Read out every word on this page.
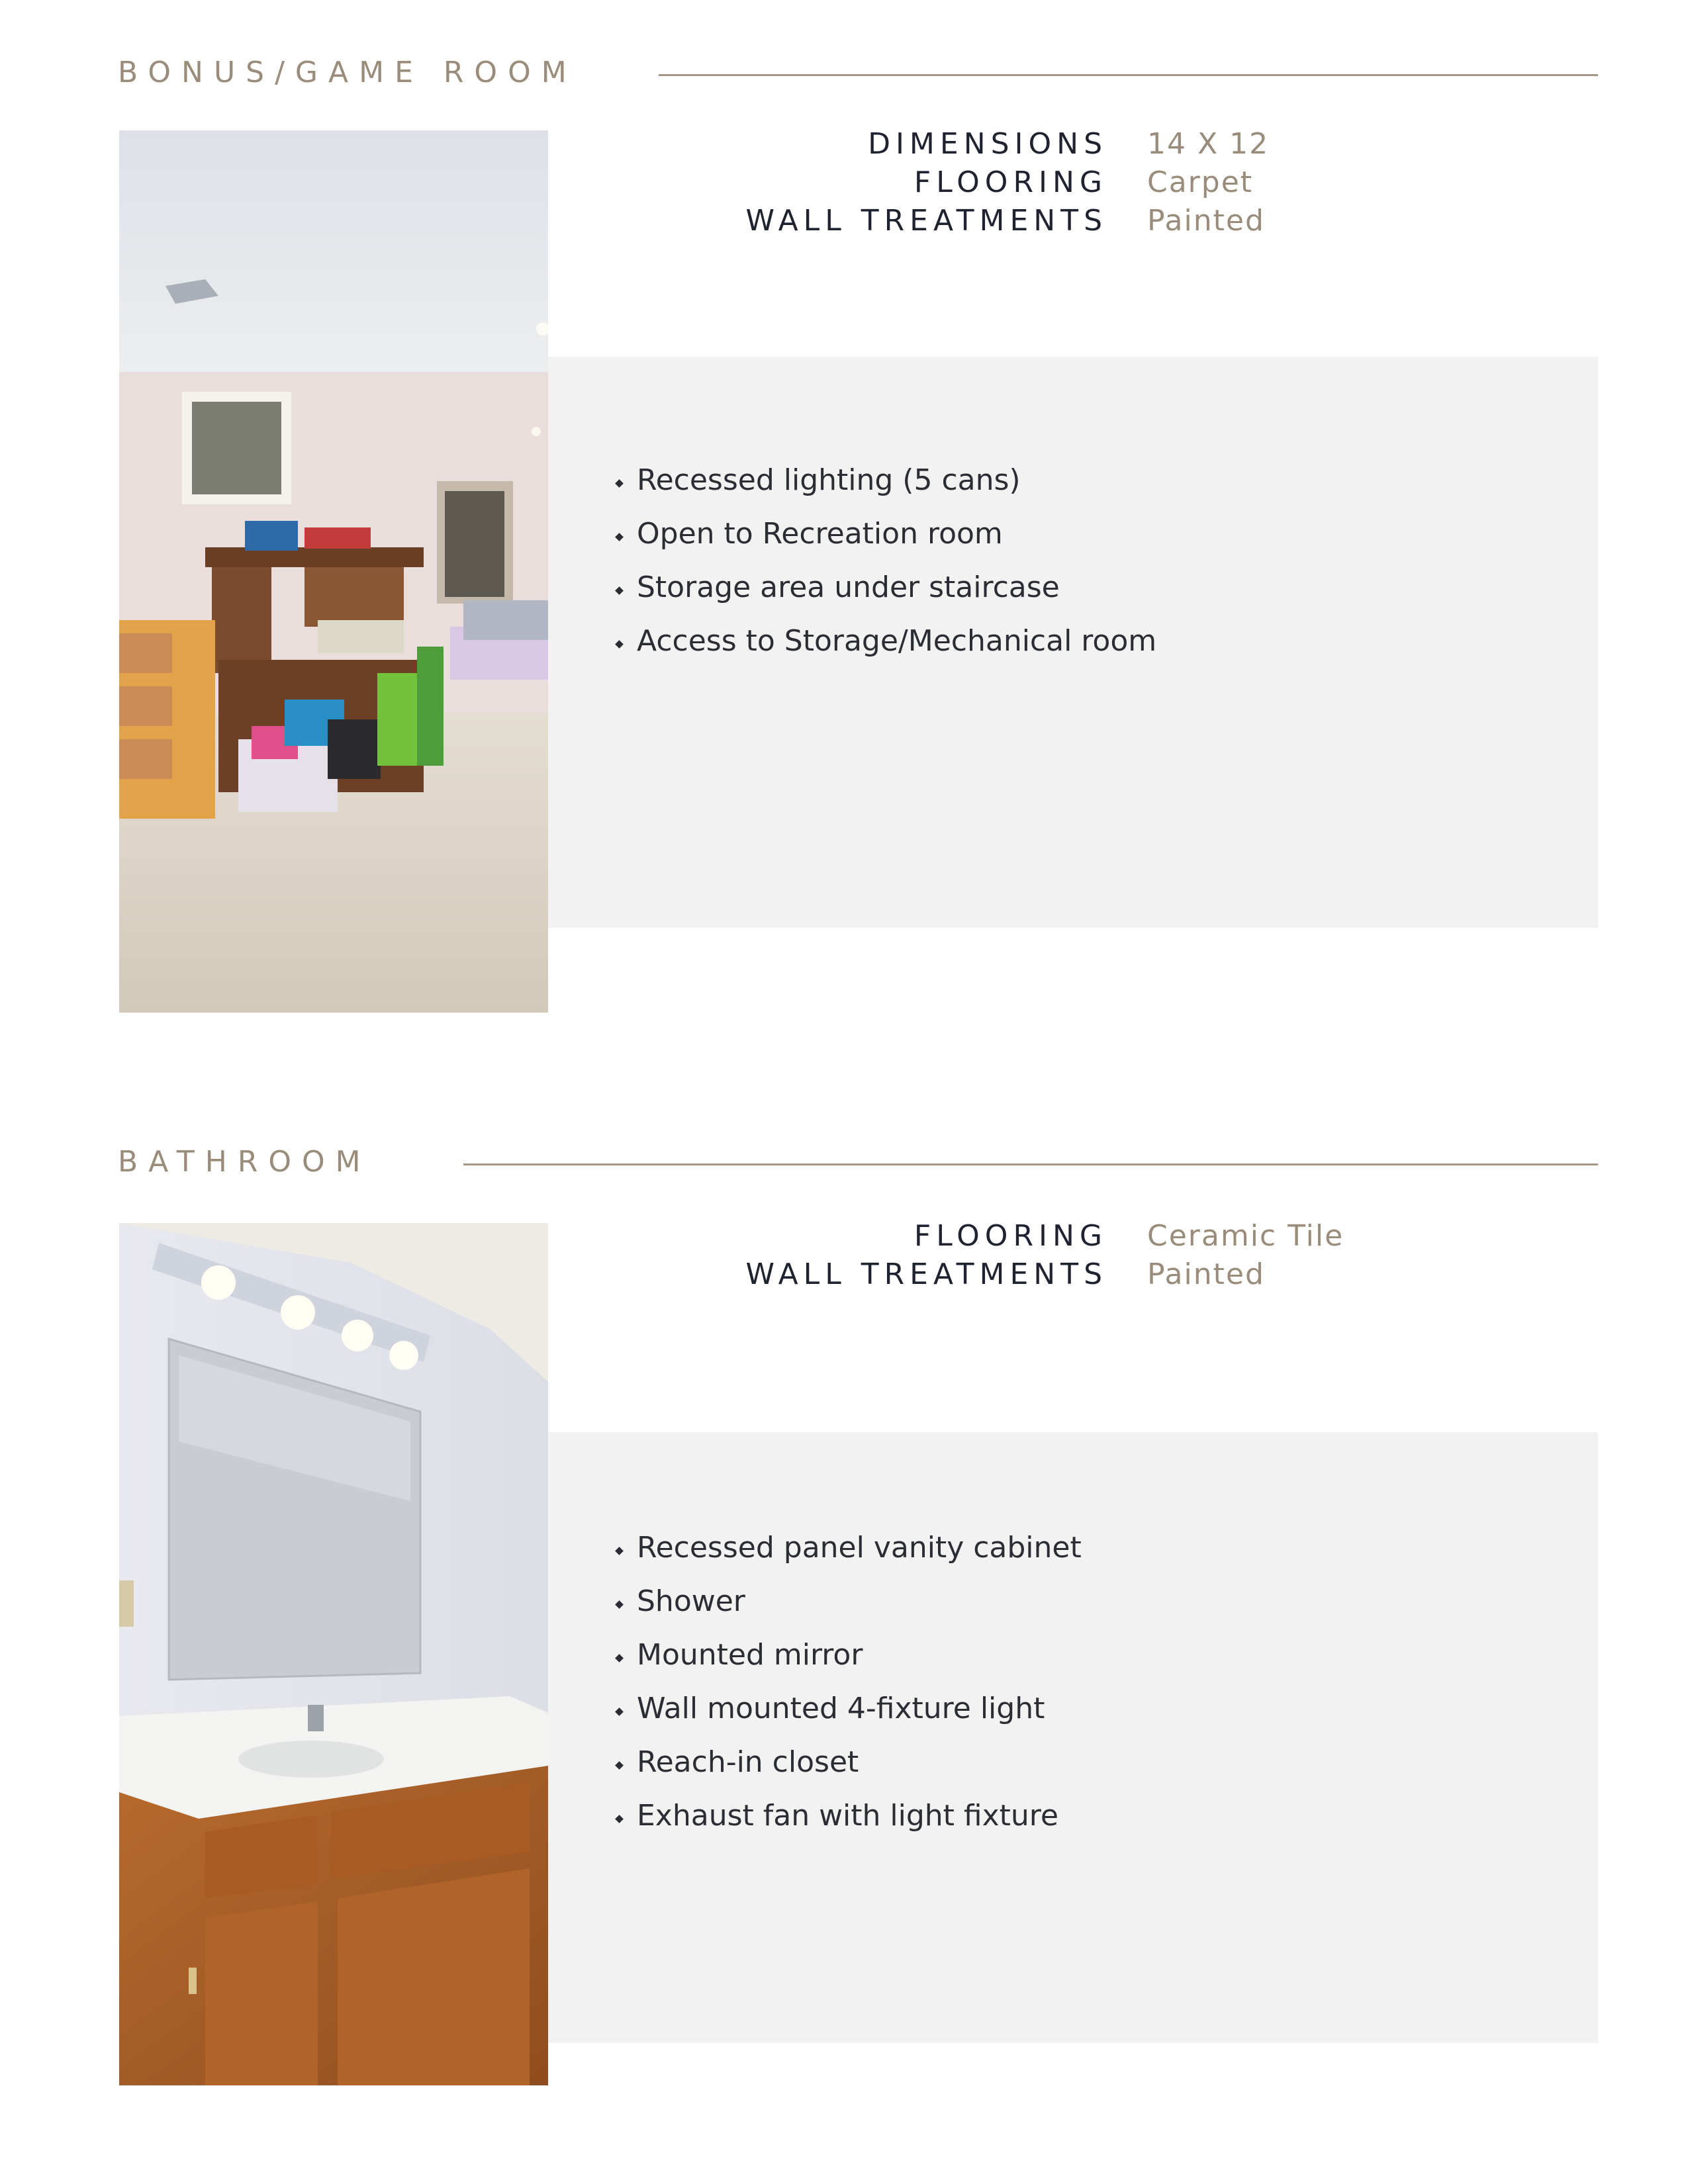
BONUS/GAME ROOM
DIMENSIONS 14 X 12
FLOORING Carpet
WALL TREATMENTS Painted
Recessed lighting (5 cans)
Open to Recreation room
Storage area under staircase
Access to Storage/Mechanical room
BATHROOM
FLOORING Ceramic Tile
WALL TREATMENTS Painted
Recessed panel vanity cabinet
Shower
Mounted mirror
Wall mounted 4-fixture light
Reach-in closet
Exhaust fan with light fixture
